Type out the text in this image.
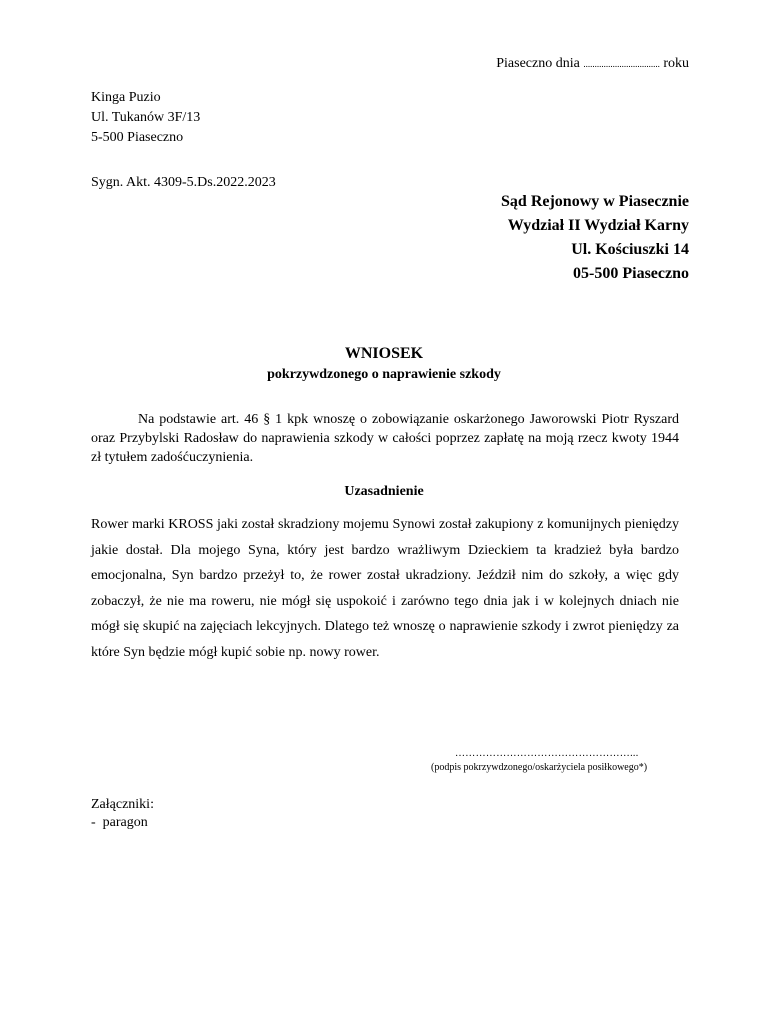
Piaseczno dnia .................................. roku
Kinga Puzio
Ul. Tukanów 3F/13
5-500 Piaseczno
Sygn. Akt. 4309-5.Ds.2022.2023
Sąd Rejonowy w Piasecznie
Wydział II Wydział Karny
Ul. Kościuszki 14
05-500 Piaseczno
WNIOSEK
pokrzywdzonego o naprawienie szkody
Na podstawie art. 46 § 1 kpk wnoszę o zobowiązanie oskarżonego Jaworowski Piotr Ryszard oraz Przybylski Radosław do naprawienia szkody w całości poprzez zapłatę na moją rzecz kwoty 1944 zł tytułem zadośćuczynienia.
Uzasadnienie
Rower marki KROSS jaki został skradziony mojemu Synowi został zakupiony z komunijnych pieniędzy jakie dostał. Dla mojego Syna, który jest bardzo wrażliwym Dzieckiem ta kradzież była bardzo emocjonalna, Syn bardzo przeżył to, że rower został ukradziony. Jeździł nim do szkoły, a więc gdy zobaczył, że nie ma roweru, nie mógł się uspokoić i zarówno tego dnia jak i w kolejnych dniach nie mógł się skupić na zajęciach lekcyjnych. Dlatego też wnoszę o naprawienie szkody i zwrot pieniędzy za które Syn będzie mógł kupić sobie np. nowy rower.
……………………………………………...
(podpis pokrzywdzonego/oskarżyciela posiłkowego*)
Załączniki:
- paragon
